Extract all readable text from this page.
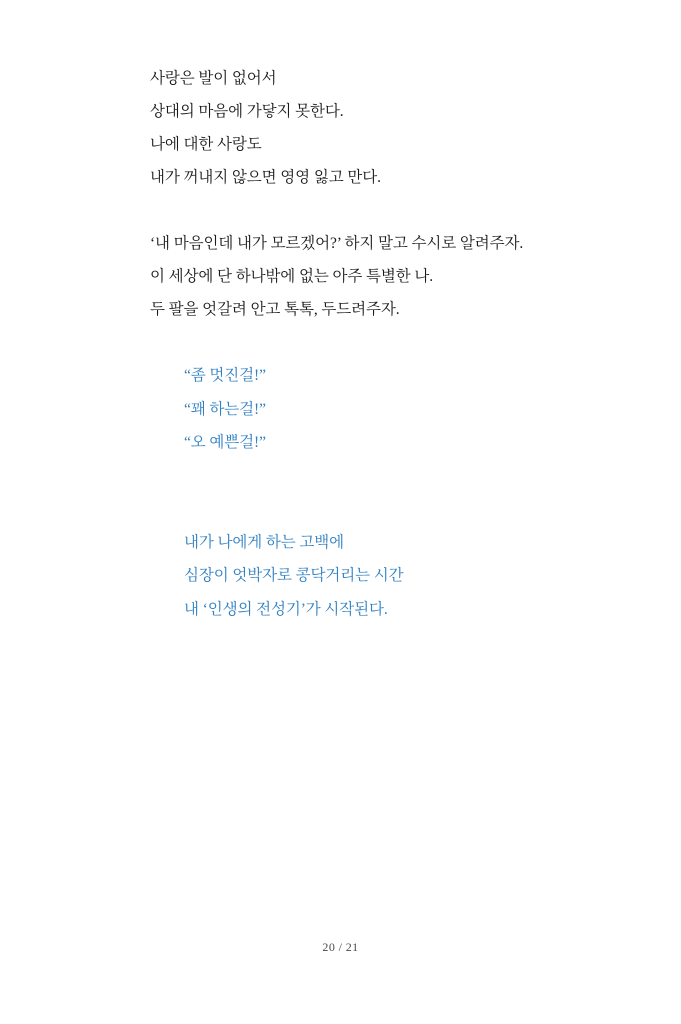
사랑은 발이 없어서
상대의 마음에 가닿지 못한다.
나에 대한 사랑도
내가 꺼내지 않으면 영영 잃고 만다.
‘내 마음인데 내가 모르겠어?’ 하지 말고 수시로 알려주자.
이 세상에 단 하나밖에 없는 아주 특별한 나.
두 팔을 엇갈려 안고 톡톡, 두드려주자.
“좀 멋진걸!”
“꽤 하는걸!”
“오 예쁜걸!”
내가 나에게 하는 고백에
심장이 엇박자로 콩닥거리는 시간
내 ‘인생의 전성기’가 시작된다.
20 / 21
